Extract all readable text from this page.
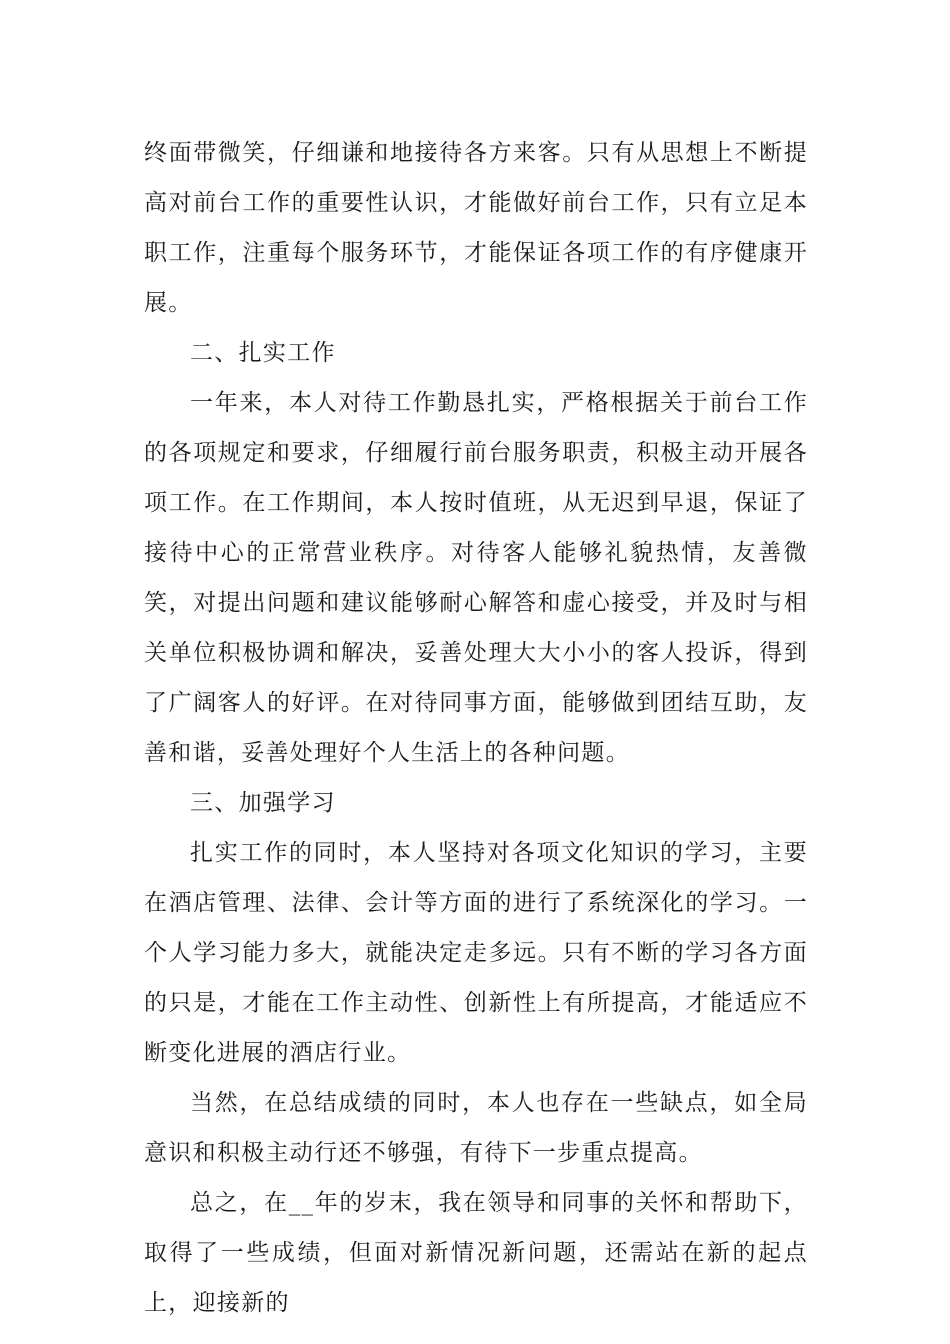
终面带微笑，仔细谦和地接待各方来客。只有从思想上不断提高对前台工作的重要性认识，才能做好前台工作，只有立足本职工作，注重每个服务环节，才能保证各项工作的有序健康开展。

二、扎实工作

一年来，本人对待工作勤恳扎实，严格根据关于前台工作的各项规定和要求，仔细履行前台服务职责，积极主动开展各项工作。在工作期间，本人按时值班，从无迟到早退，保证了接待中心的正常营业秩序。对待客人能够礼貌热情，友善微笑，对提出问题和建议能够耐心解答和虚心接受，并及时与相关单位积极协调和解决，妥善处理大大小小的客人投诉，得到了广阔客人的好评。在对待同事方面，能够做到团结互助，友善和谐，妥善处理好个人生活上的各种问题。

三、加强学习

扎实工作的同时，本人坚持对各项文化知识的学习，主要在酒店管理、法律、会计等方面的进行了系统深化的学习。一个人学习能力多大，就能决定走多远。只有不断的学习各方面的只是，才能在工作主动性、创新性上有所提高，才能适应不断变化进展的酒店行业。

当然，在总结成绩的同时，本人也存在一些缺点，如全局意识和积极主动行还不够强，有待下一步重点提高。

总之，在__年的岁末，我在领导和同事的关怀和帮助下，取得了一些成绩，但面对新情况新问题，还需站在新的起点上，迎接新的
